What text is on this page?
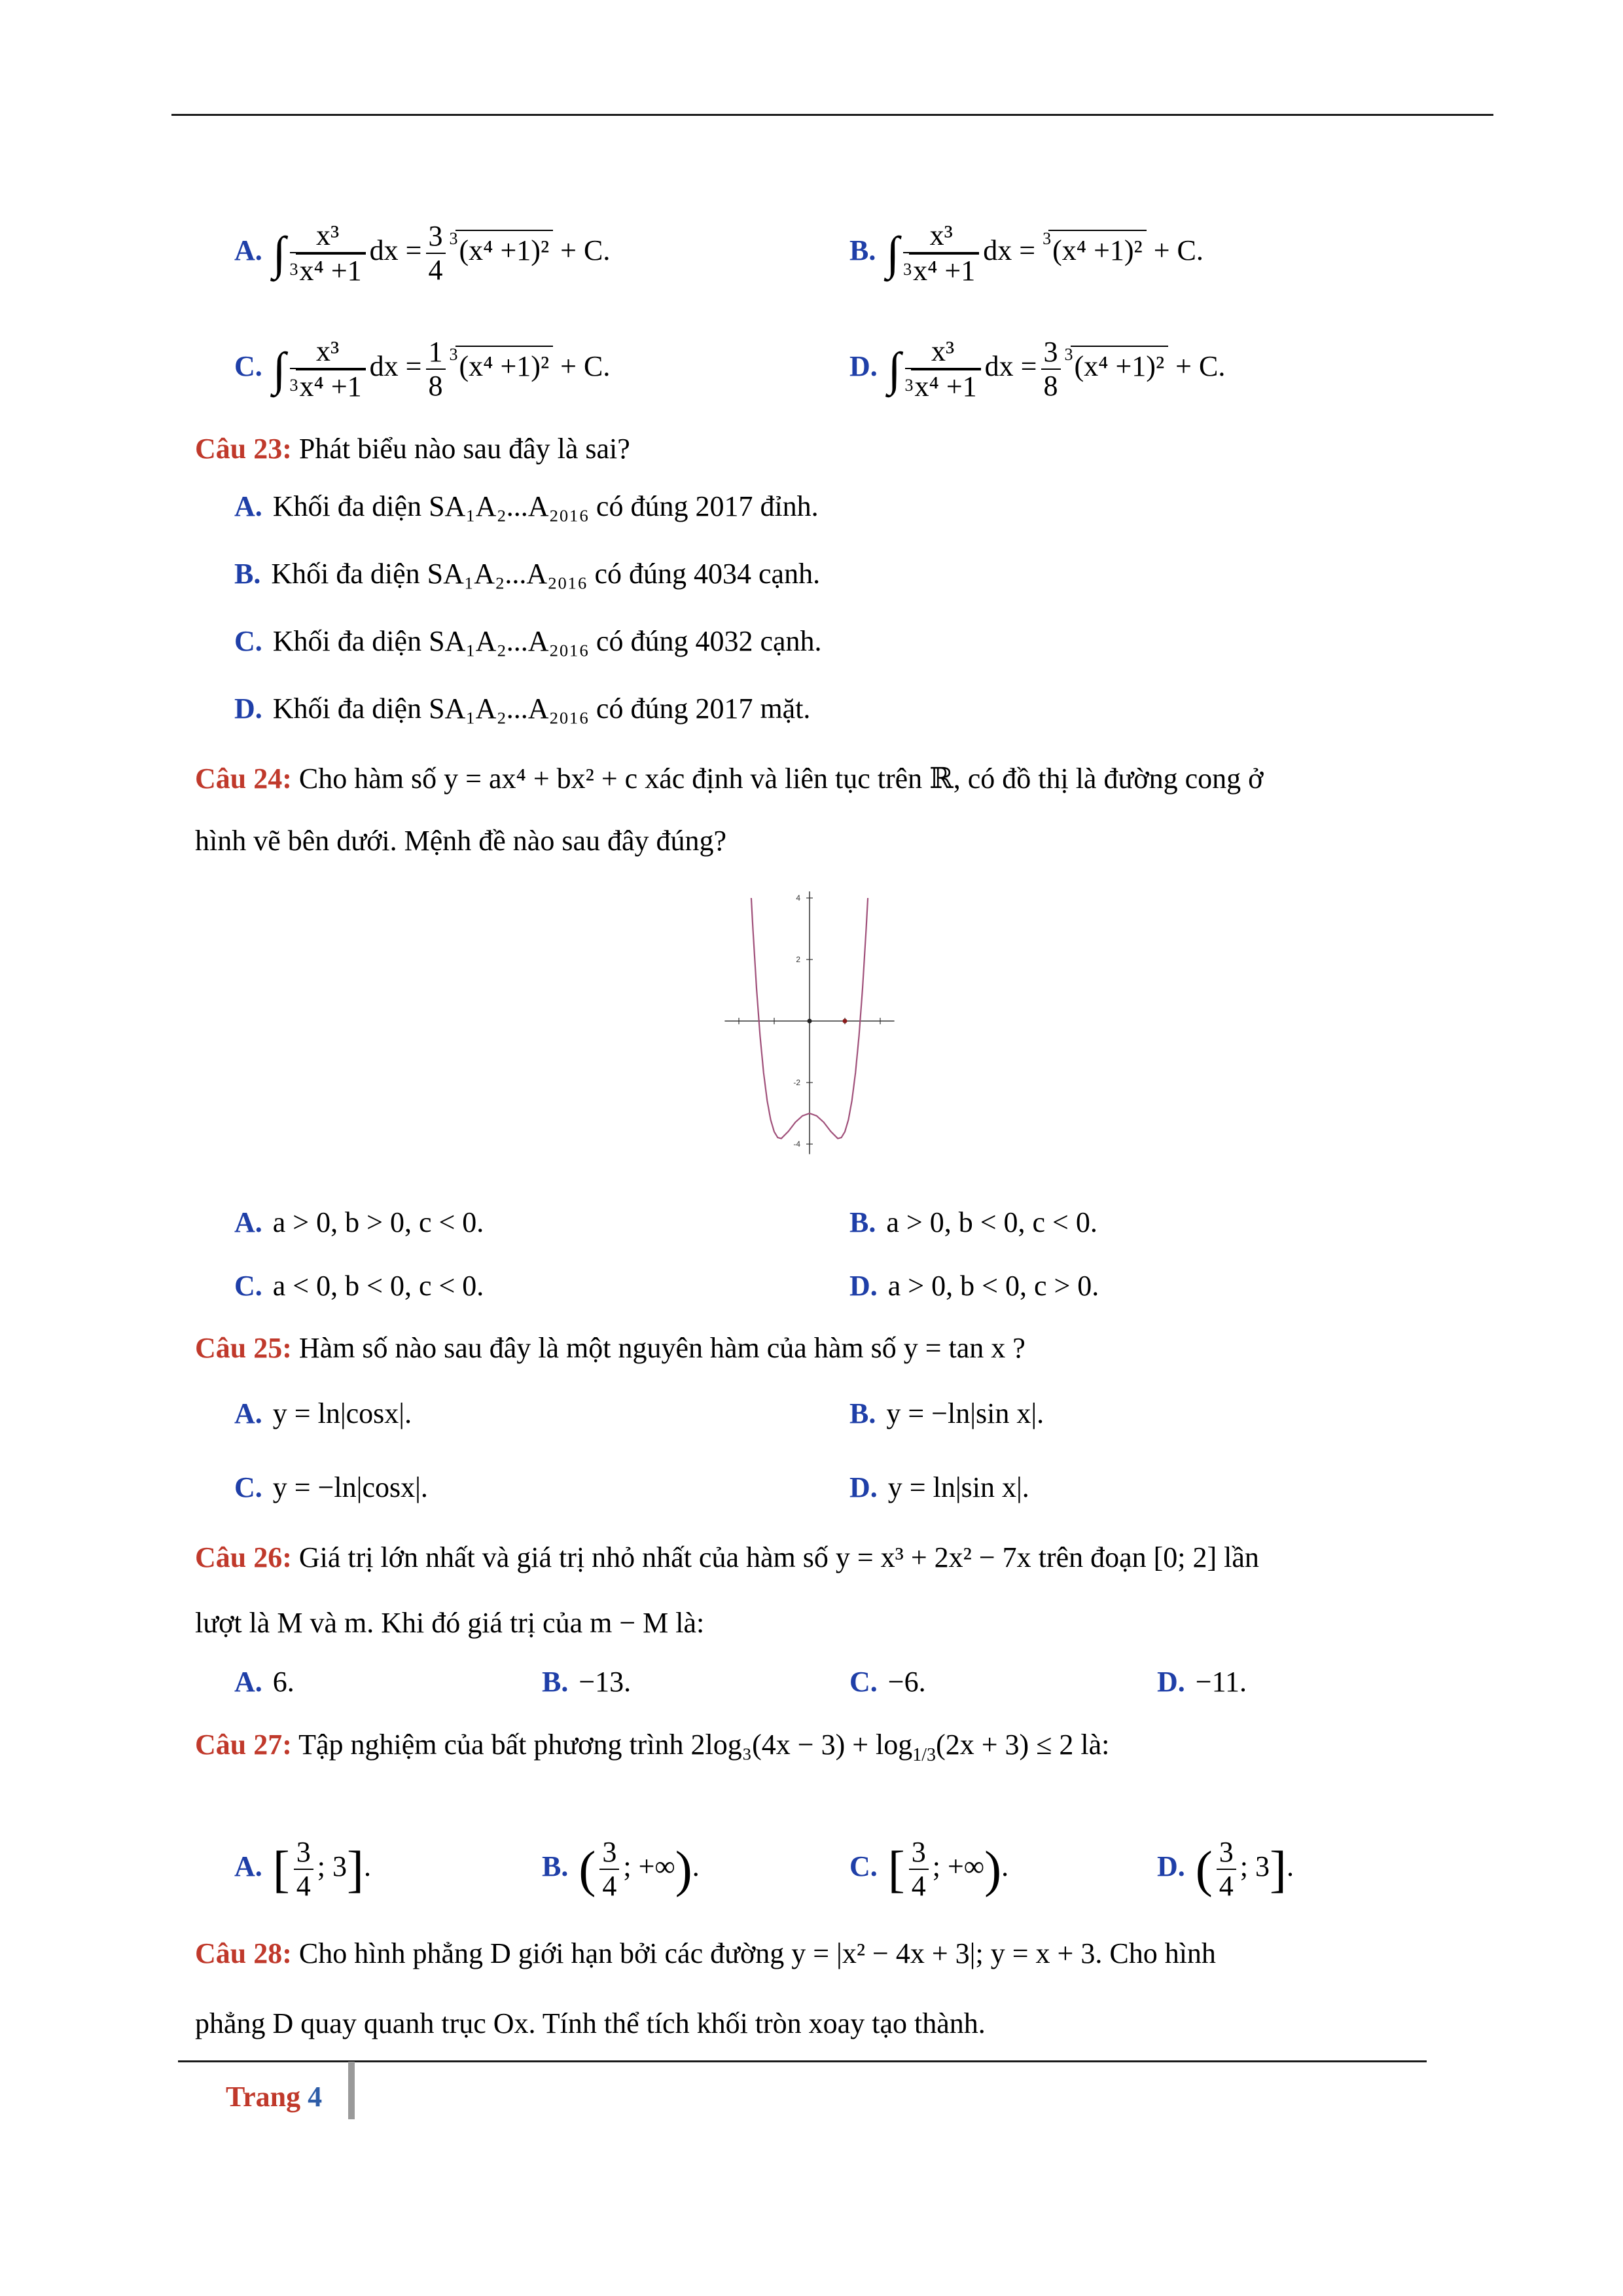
A. ∫ $\frac{\text{x³}}{^3x^4 +1}$ dx = $\frac{3}{4} ^3(x^4 +1)^2 + C$.	B. ∫ $\frac{\text{x³}}{^3x^4 +1}$ dx = $^3$(x⁴ +1)² + C.
C. ∫ $\frac{\text{x³}}{^3x^4 +1}$ dx = $\frac{1}{8} ^3(x^4 +1)^2 + C$.	D. ∫ $\frac{\text{x³}}{^3x^4 +1}$ dx = $\frac{3}{8} ^3(x^4 +1)^2 + C$.
Câu 23: Phát biểu nào sau đây là sai?
A. Khối đa diện SA₁A₂...A₂₀₁₆ có đúng 2017 đỉnh.
B. Khối đa diện SA₁A₂...A₂₀₁₆ có đúng 4034 cạnh.
C. Khối đa diện SA₁A₂...A₂₀₁₆ có đúng 4032 cạnh.
D. Khối đa diện SA₁A₂...A₂₀₁₆ có đúng 2017 mặt.
Câu 24: Cho hàm số y = ax⁴ + bx² + c xác định và liên tục trên ℝ, có đồ thị là đường cong ở
hình vẽ bên dưới. Mệnh đề nào sau đây đúng?
-4
-2
2
4
A. a > 0, b > 0, c < 0.	B. a > 0, b < 0, c < 0.
C. a < 0, b < 0, c < 0.	D. a > 0, b < 0, c > 0.
Câu 25: Hàm số nào sau đây là một nguyên hàm của hàm số y = tan x ?
A. y = ln|cosx|.	B. y = −ln|sin x|.
C. y = −ln|cosx|.	D. y = ln|sin x|.
Câu 26: Giá trị lớn nhất và giá trị nhỏ nhất của hàm số y = x³ + 2x² − 7x trên đoạn [0; 2] lần
lượt là M và m. Khi đó giá trị của m − M là:
A. 6.	B. −13.	C. −6.	D. −11.
Câu 27: Tập nghiệm của bất phương trình $2\log_3(4x - 3) + \log_{1/3}(2x + 3) \le 2$ là:
A. [ $\frac{3}{4}$ ; 3].	B. ( $\frac{3}{4}$ ; +∞).	C. [ $\frac{3}{4}$ ; +∞).	D. ( $\frac{3}{4}$ ; 3].
Câu 28: Cho hình phẳng D giới hạn bởi các đường y = |x² − 4x + 3|; y = x + 3. Cho hình
phẳng D quay quanh trục Ox. Tính thể tích khối tròn xoay tạo thành.
Trang 4
